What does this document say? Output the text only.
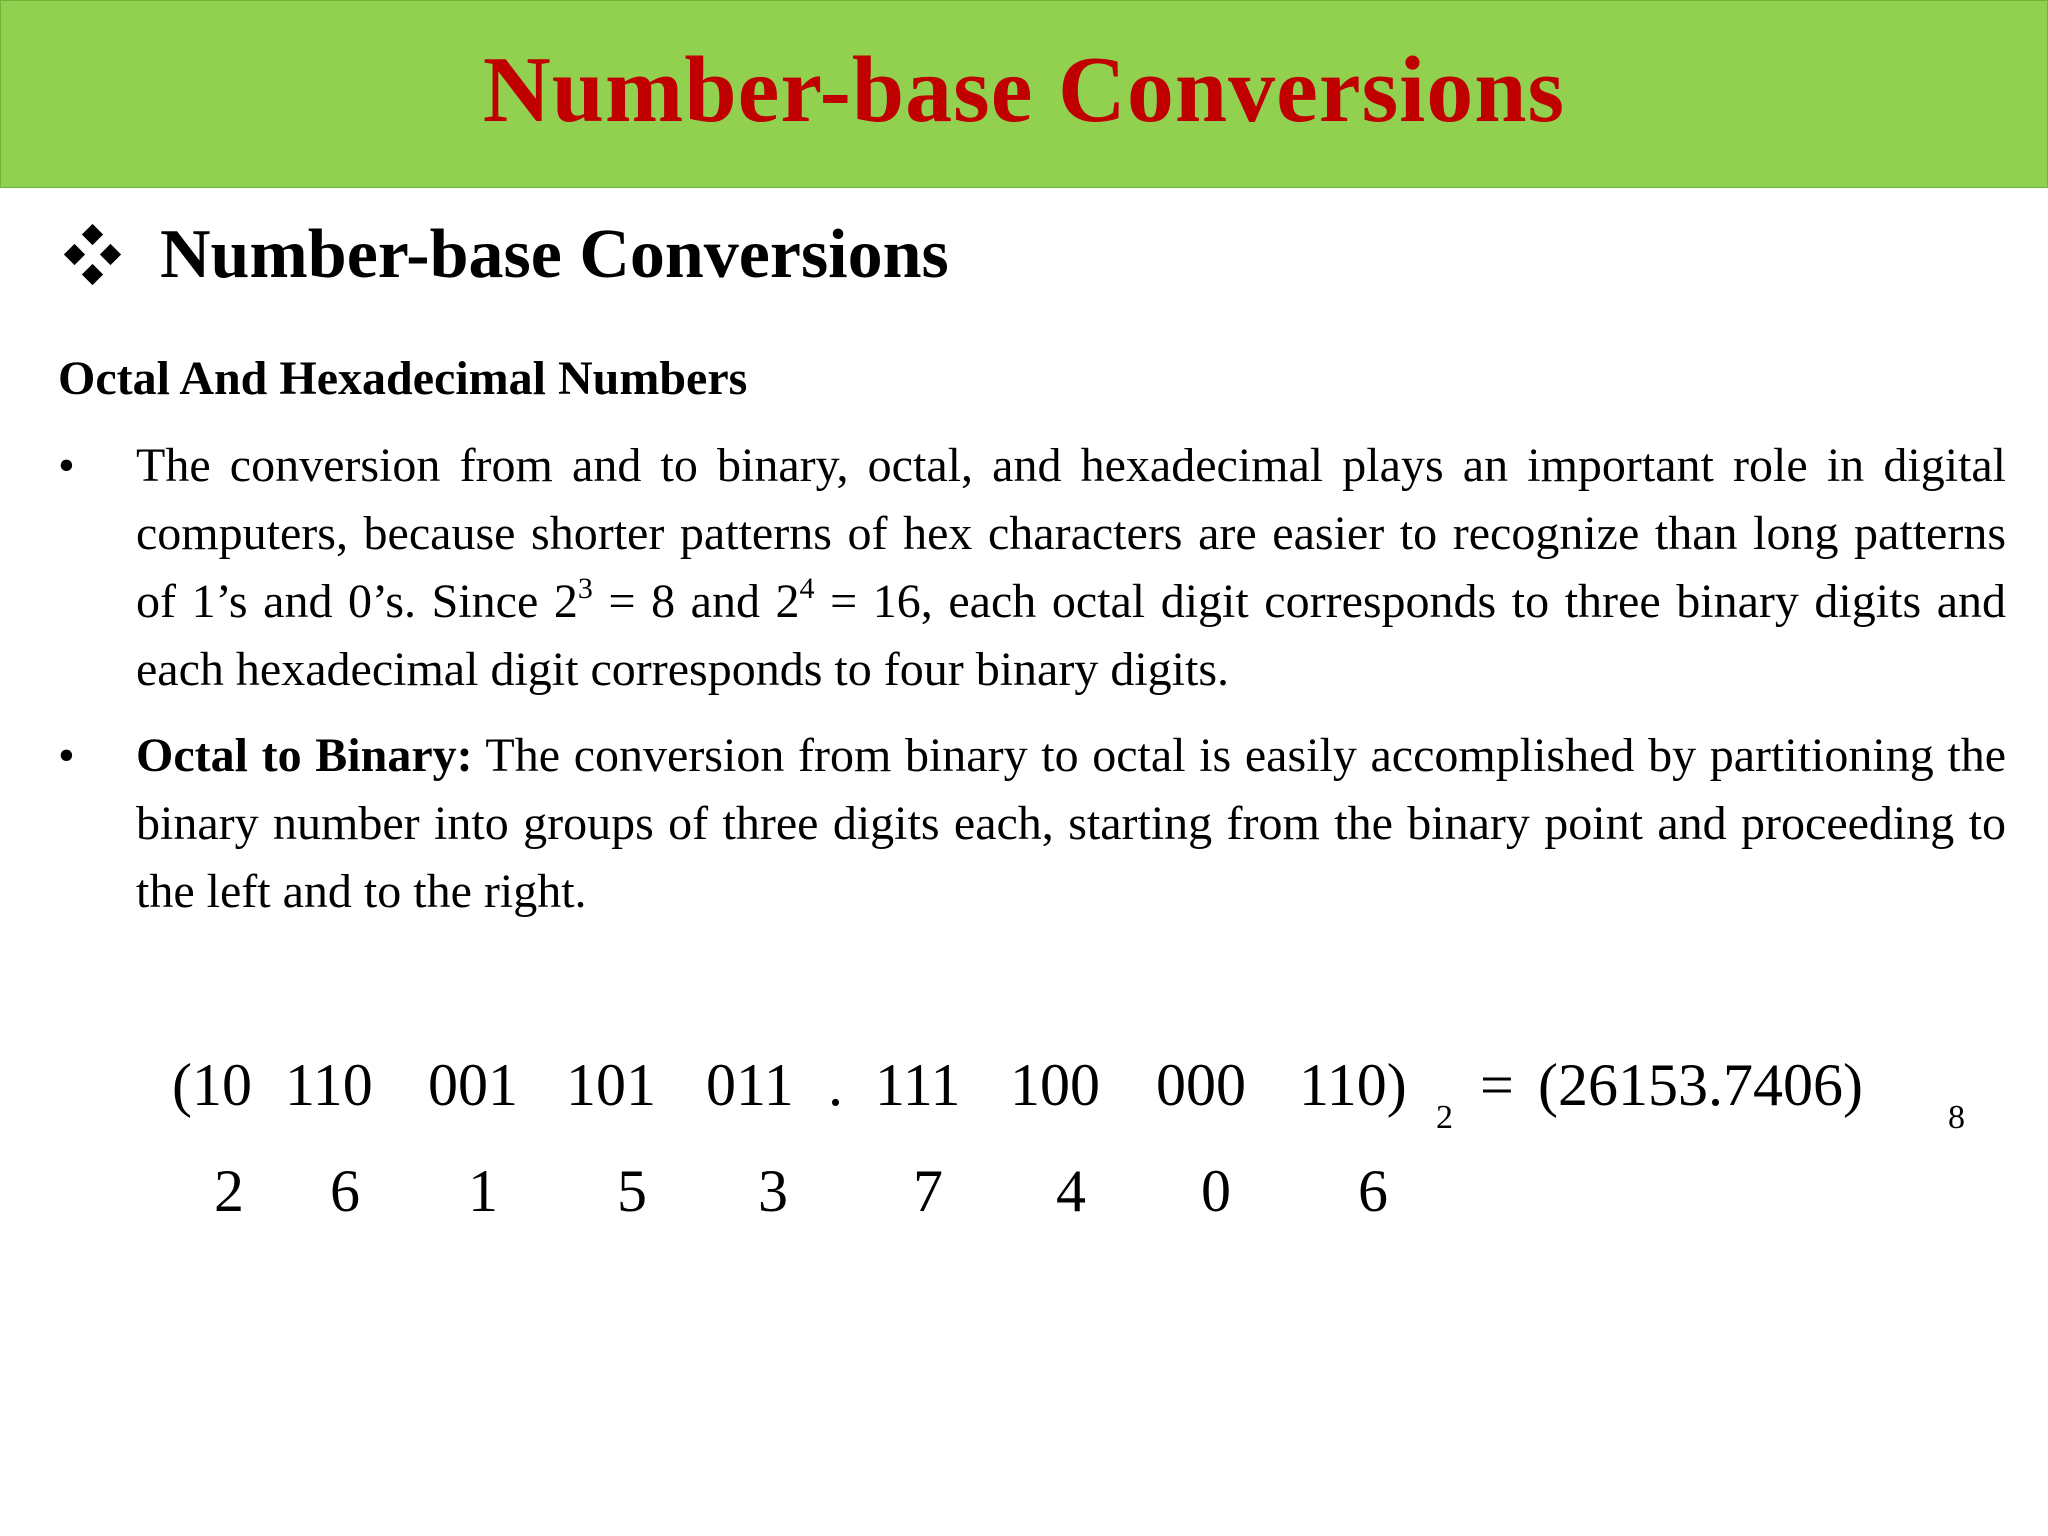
Number-base Conversions
Number-base Conversions
Octal And Hexadecimal Numbers
•	The conversion from and to binary, octal, and hexadecimal plays an important role in digital computers, because shorter patterns of hex characters are easier to recognize than long patterns of 1’s and 0’s. Since $2^3 = 8$ and $2^4 = 16$, each octal digit corresponds to three binary digits and each hexadecimal digit corresponds to four binary digits.
•	Octal to Binary: The conversion from binary to octal is easily accomplished by partitioning the binary number into groups of three digits each, starting from the binary point and proceeding to the left and to the right.
( 10 110 001 101 011 . 111 100 000 110) 2 = (26153.7406)	8
2 6 1 5 3 7 4 0 6
